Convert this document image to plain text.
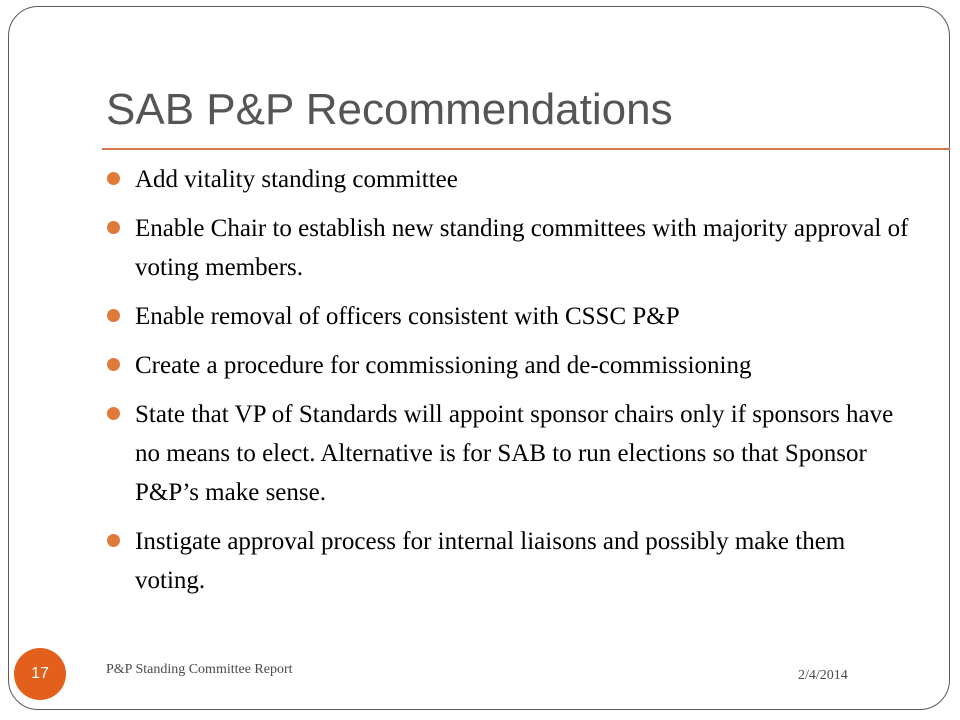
SAB P&P Recommendations
Add vitality standing committee
Enable Chair to establish new standing committees with majority approval of voting members.
Enable removal of officers consistent with CSSC P&P
Create a procedure for commissioning and de-commissioning
State that VP of Standards will appoint sponsor chairs only if sponsors have no means to elect. Alternative is for SAB to run elections so that Sponsor P&P’s make sense.
Instigate approval process for internal liaisons and possibly make them voting.
17	P&P Standing Committee Report	2/4/2014
